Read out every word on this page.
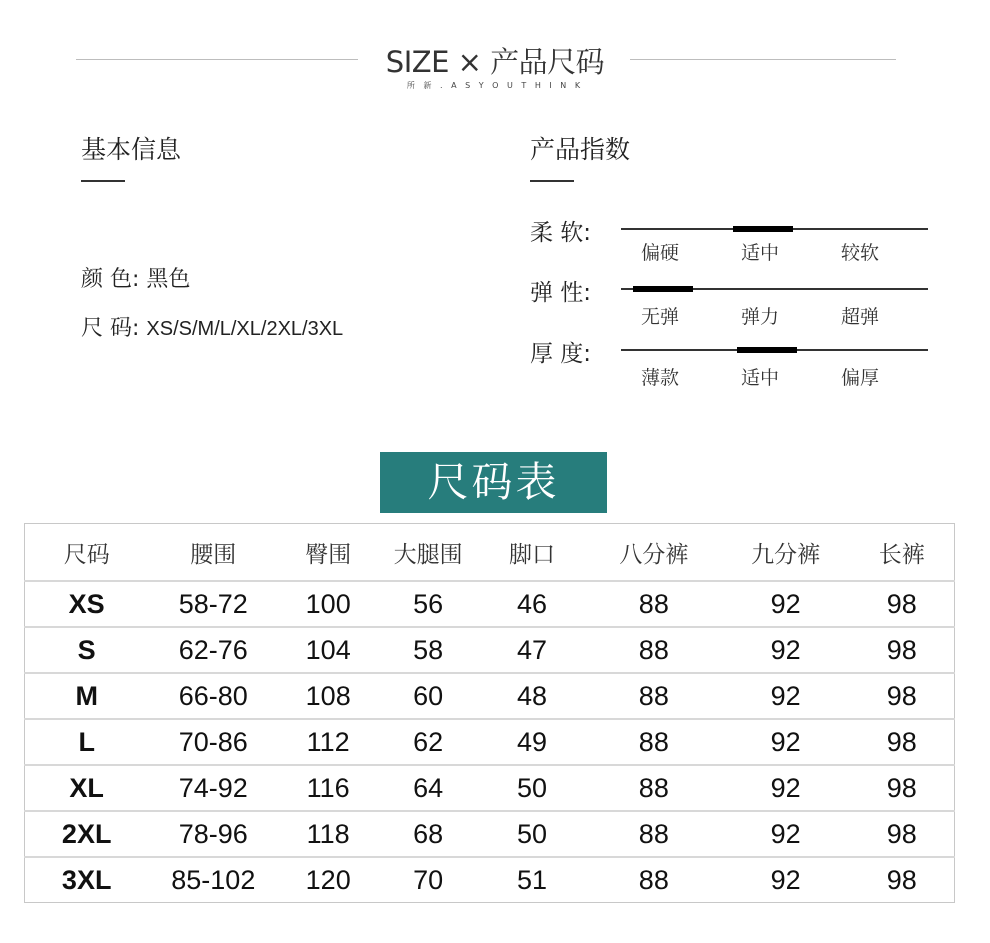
SIZE × 产品尺码
所 新 . A S Y O U T H I N K
基本信息
颜 色: 黑色
尺 码: XS/S/M/L/XL/2XL/3XL
产品指数
柔 软:
偏硬	适中	较软
弹 性:
无弹	弹力	超弹
厚 度:
薄款	适中	偏厚
尺码表
尺码	腰围	臀围	大腿围	脚口	八分裤	九分裤	长裤
XS	58-72	100	56	46	88	92	98
S	62-76	104	58	47	88	92	98
M	66-80	108	60	48	88	92	98
L	70-86	112	62	49	88	92	98
XL	74-92	116	64	50	88	92	98
2XL	78-96	118	68	50	88	92	98
3XL	85-102	120	70	51	88	92	98
